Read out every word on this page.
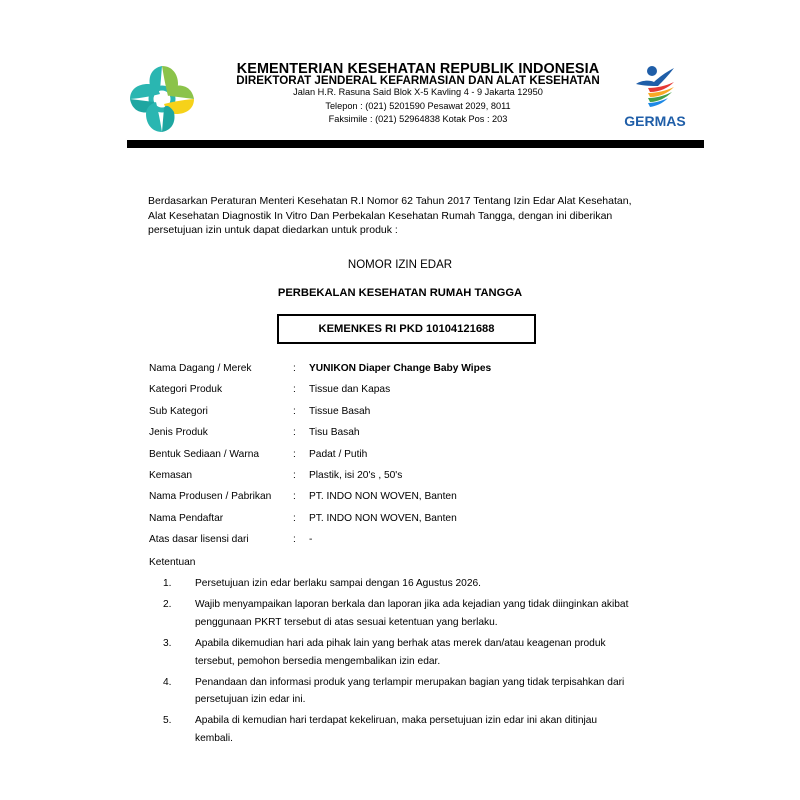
KEMENTERIAN KESEHATAN REPUBLIK INDONESIA
DIREKTORAT JENDERAL KEFARMASIAN DAN ALAT KESEHATAN
Jalan H.R. Rasuna Said Blok X-5 Kavling 4 - 9 Jakarta 12950
Telepon : (021) 5201590 Pesawat 2029, 8011
Faksimile : (021) 52964838 Kotak Pos : 203	GERMAS
Berdasarkan Peraturan Menteri Kesehatan R.I Nomor 62 Tahun 2017 Tentang Izin Edar Alat Kesehatan,
Alat Kesehatan Diagnostik In Vitro Dan Perbekalan Kesehatan Rumah Tangga, dengan ini diberikan
persetujuan izin untuk dapat diedarkan untuk produk :
NOMOR IZIN EDAR
PERBEKALAN KESEHATAN RUMAH TANGGA
KEMENKES RI PKD 10104121688
Nama Dagang / Merek	: YUNIKON Diaper Change Baby Wipes
Kategori Produk	: Tissue dan Kapas
Sub Kategori	: Tissue Basah
Jenis Produk	: Tisu Basah
Bentuk Sediaan / Warna	: Padat / Putih
Kemasan	: Plastik, isi 20's , 50's
Nama Produsen / Pabrikan : PT. INDO NON WOVEN, Banten
Nama Pendaftar	: PT. INDO NON WOVEN, Banten
Atas dasar lisensi dari	: -
Ketentuan
1. Persetujuan izin edar berlaku sampai dengan 16 Agustus 2026.
2. Wajib menyampaikan laporan berkala dan laporan jika ada kejadian yang tidak diinginkan akibat
penggunaan PKRT tersebut di atas sesuai ketentuan yang berlaku.
3. Apabila dikemudian hari ada pihak lain yang berhak atas merek dan/atau keagenan produk
tersebut, pemohon bersedia mengembalikan izin edar.
4. Penandaan dan informasi produk yang terlampir merupakan bagian yang tidak terpisahkan dari
persetujuan izin edar ini.
5. Apabila di kemudian hari terdapat kekeliruan, maka persetujuan izin edar ini akan ditinjau
kembali.
